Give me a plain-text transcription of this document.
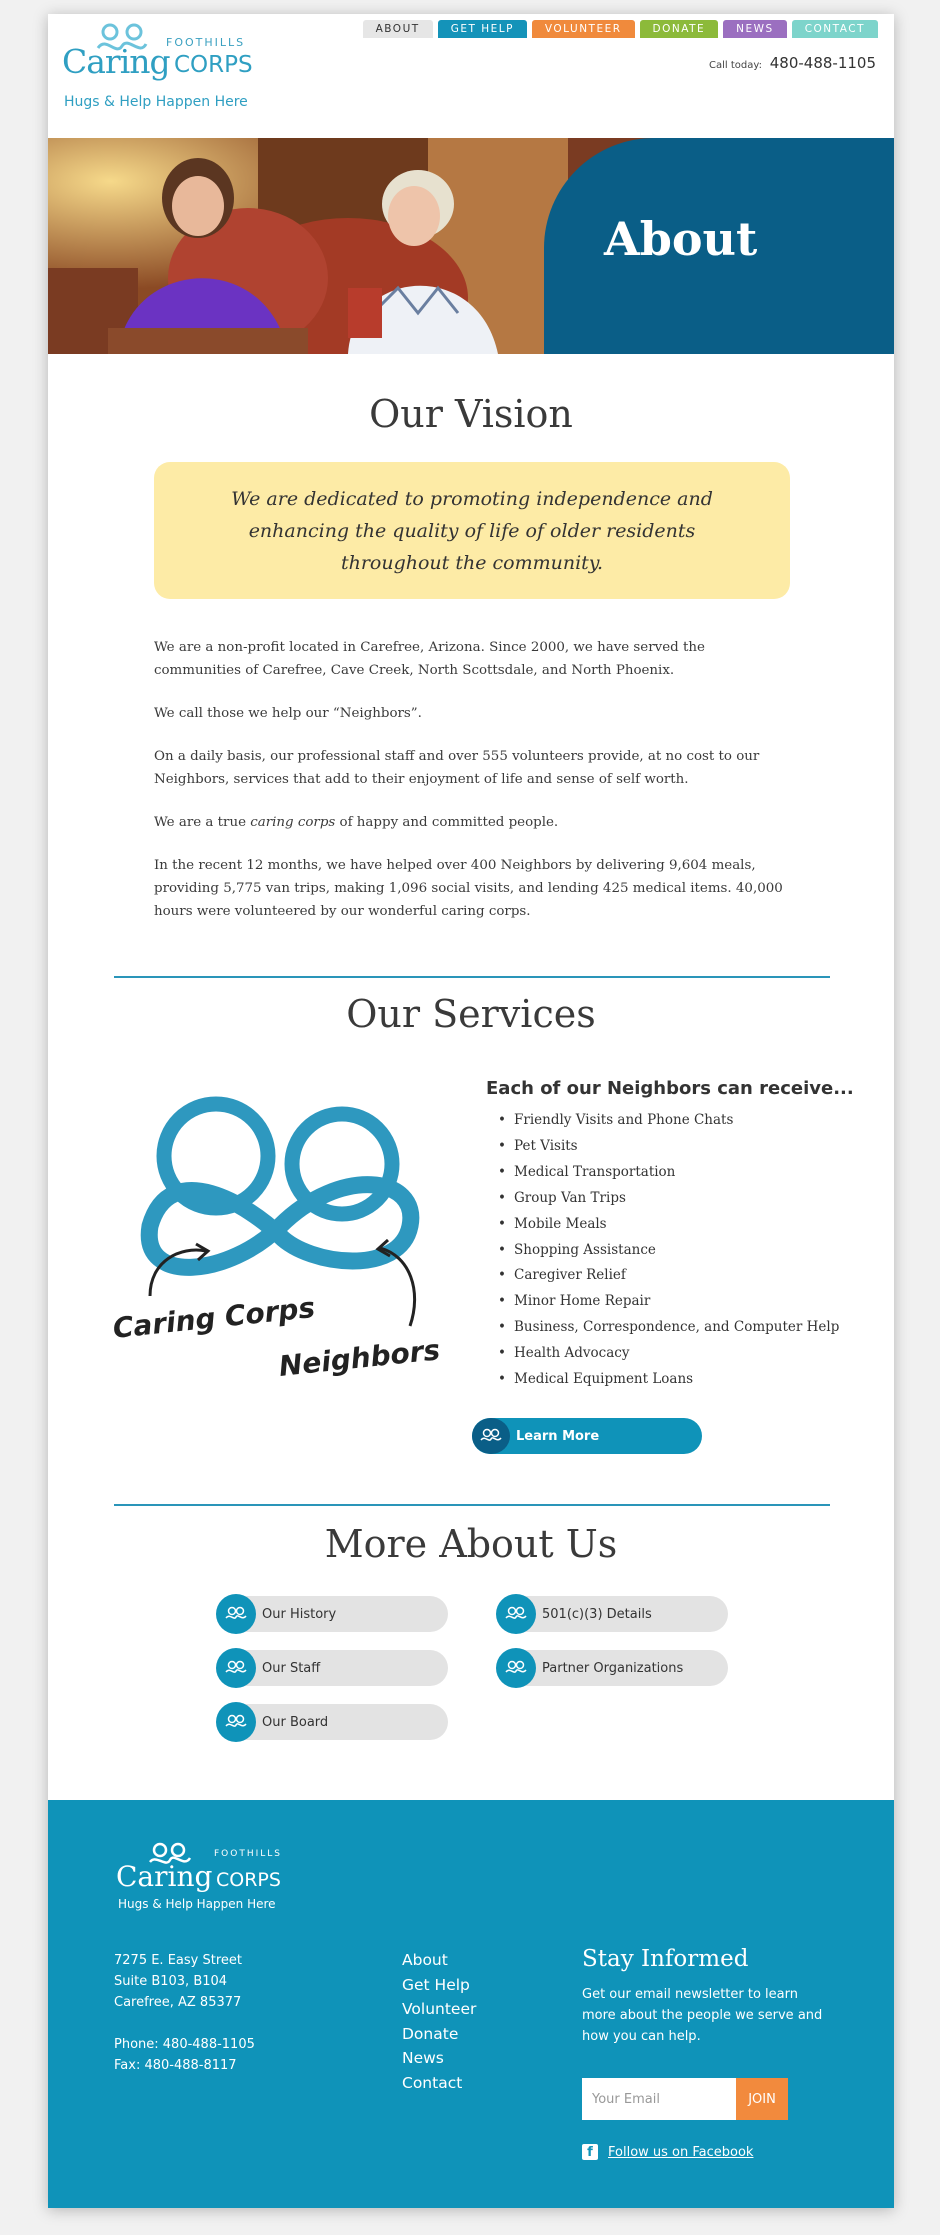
FOOTHILLS
Caring CORPS
Hugs & Help Happen Here
ABOUT	GET HELP	VOLUNTEER	DONATE	NEWS	CONTACT
Call today: 480-488-1105
About
Our Vision
We are dedicated to promoting independence and enhancing the quality of life of older residents throughout the community.

We are a non-profit located in Carefree, Arizona. Since 2000, we have served the communities of Carefree, Cave Creek, North Scottsdale, and North Phoenix.

We call those we help our “Neighbors”.

On a daily basis, our professional staff and over 555 volunteers provide, at no cost to our Neighbors, services that add to their enjoyment of life and sense of self worth.

We are a true caring corps of happy and committed people.

In the recent 12 months, we have helped over 400 Neighbors by delivering 9,604 meals, providing 5,775 van trips, making 1,096 social visits, and lending 425 medical items. 40,000 hours were volunteered by our wonderful caring corps.

Our Services
Caring Corps
Neighbors
Each of our Neighbors can receive...
• Friendly Visits and Phone Chats
• Pet Visits
• Medical Transportation
• Group Van Trips
• Mobile Meals
• Shopping Assistance
• Caregiver Relief
• Minor Home Repair
• Business, Correspondence, and Computer Help
• Health Advocacy
• Medical Equipment Loans
Learn More
More About Us
Our History	501(c)(3) Details
Our Staff	Partner Organizations
Our Board
FOOTHILLS
Caring CORPS
Hugs & Help Happen Here
7275 E. Easy Street
Suite B103, B104
Carefree, AZ 85377
Phone: 480-488-1105
Fax: 480-488-8117
About
Get Help
Volunteer
Donate
News
Contact
Stay Informed
Get our email newsletter to learn more about the people we serve and how you can help.
Your Email
JOIN
f	Follow us on Facebook
